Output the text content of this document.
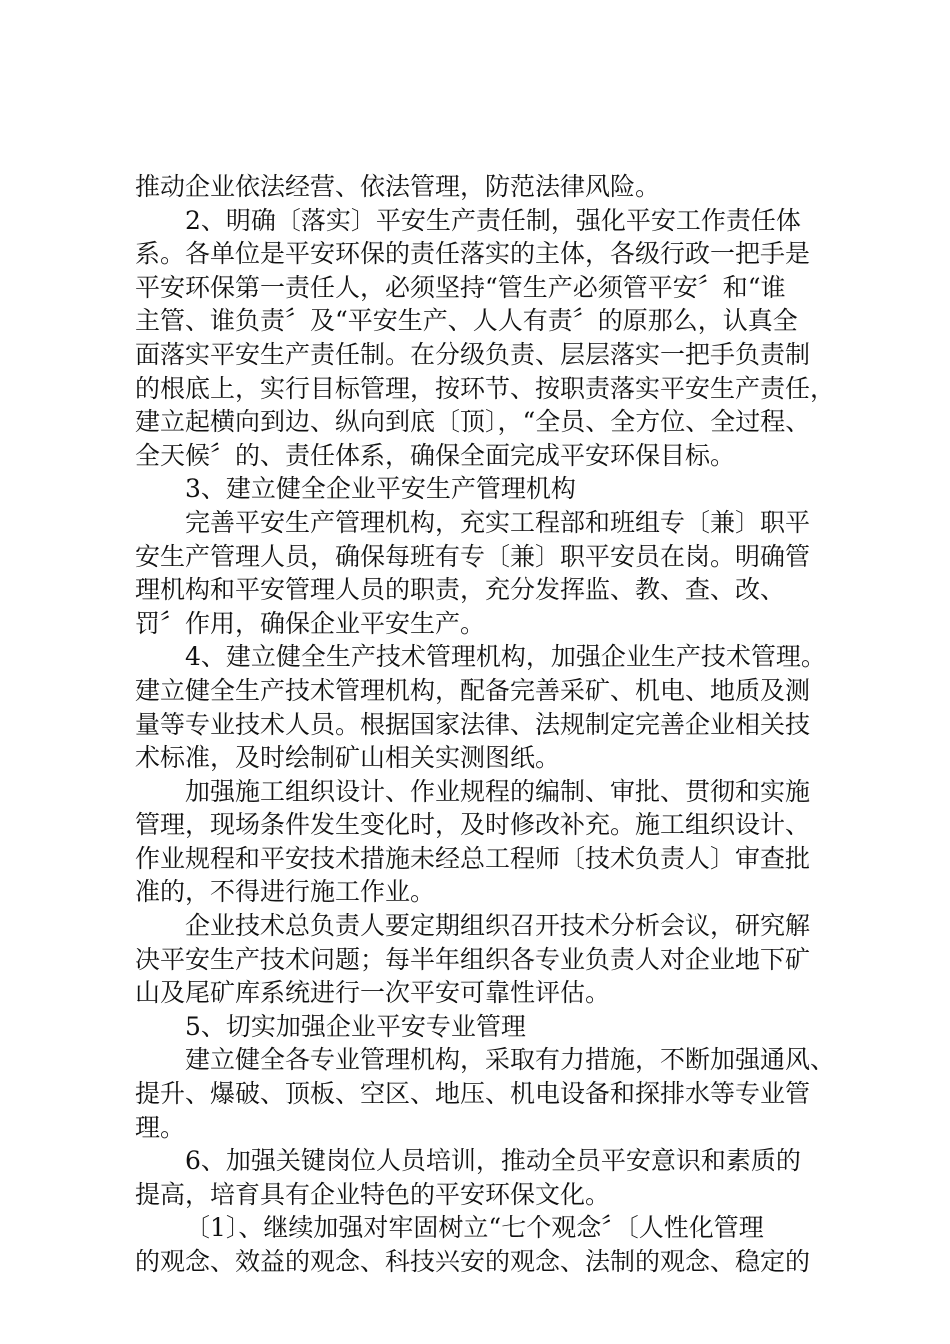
推动企业依法经营、依法管理，防范法律风险。
2、明确〔落实〕平安生产责任制，强化平安工作责任体
系。各单位是平安环保的责任落实的主体，各级行政一把手是
平安环保第一责任人，必须坚持“管生产必须管平安〞和“谁
主管、谁负责〞及“平安生产、人人有责〞的原那么，认真全
面落实平安生产责任制。在分级负责、层层落实一把手负责制
的根底上，实行目标管理，按环节、按职责落实平安生产责任，
建立起横向到边、纵向到底〔顶〕，“全员、全方位、全过程、
全天候〞的、责任体系，确保全面完成平安环保目标。
3、建立健全企业平安生产管理机构
完善平安生产管理机构，充实工程部和班组专〔兼〕职平
安生产管理人员，确保每班有专〔兼〕职平安员在岗。明确管
理机构和平安管理人员的职责，充分发挥监、教、查、改、
罚〞作用，确保企业平安生产。
4、建立健全生产技术管理机构，加强企业生产技术管理。
建立健全生产技术管理机构，配备完善采矿、机电、地质及测
量等专业技术人员。根据国家法律、法规制定完善企业相关技
术标准，及时绘制矿山相关实测图纸。
加强施工组织设计、作业规程的编制、审批、贯彻和实施
管理，现场条件发生变化时，及时修改补充。施工组织设计、
作业规程和平安技术措施未经总工程师〔技术负责人〕审查批
准的，不得进行施工作业。
企业技术总负责人要定期组织召开技术分析会议，研究解
决平安生产技术问题；每半年组织各专业负责人对企业地下矿
山及尾矿库系统进行一次平安可靠性评估。
5、切实加强企业平安专业管理
建立健全各专业管理机构，采取有力措施，不断加强通风、
提升、爆破、顶板、空区、地压、机电设备和探排水等专业管
理。
6、加强关键岗位人员培训，推动全员平安意识和素质的
提高，培育具有企业特色的平安环保文化。
〔1〕、继续加强对牢固树立“七个观念〞〔人性化管理
的观念、效益的观念、科技兴安的观念、法制的观念、稳定的
